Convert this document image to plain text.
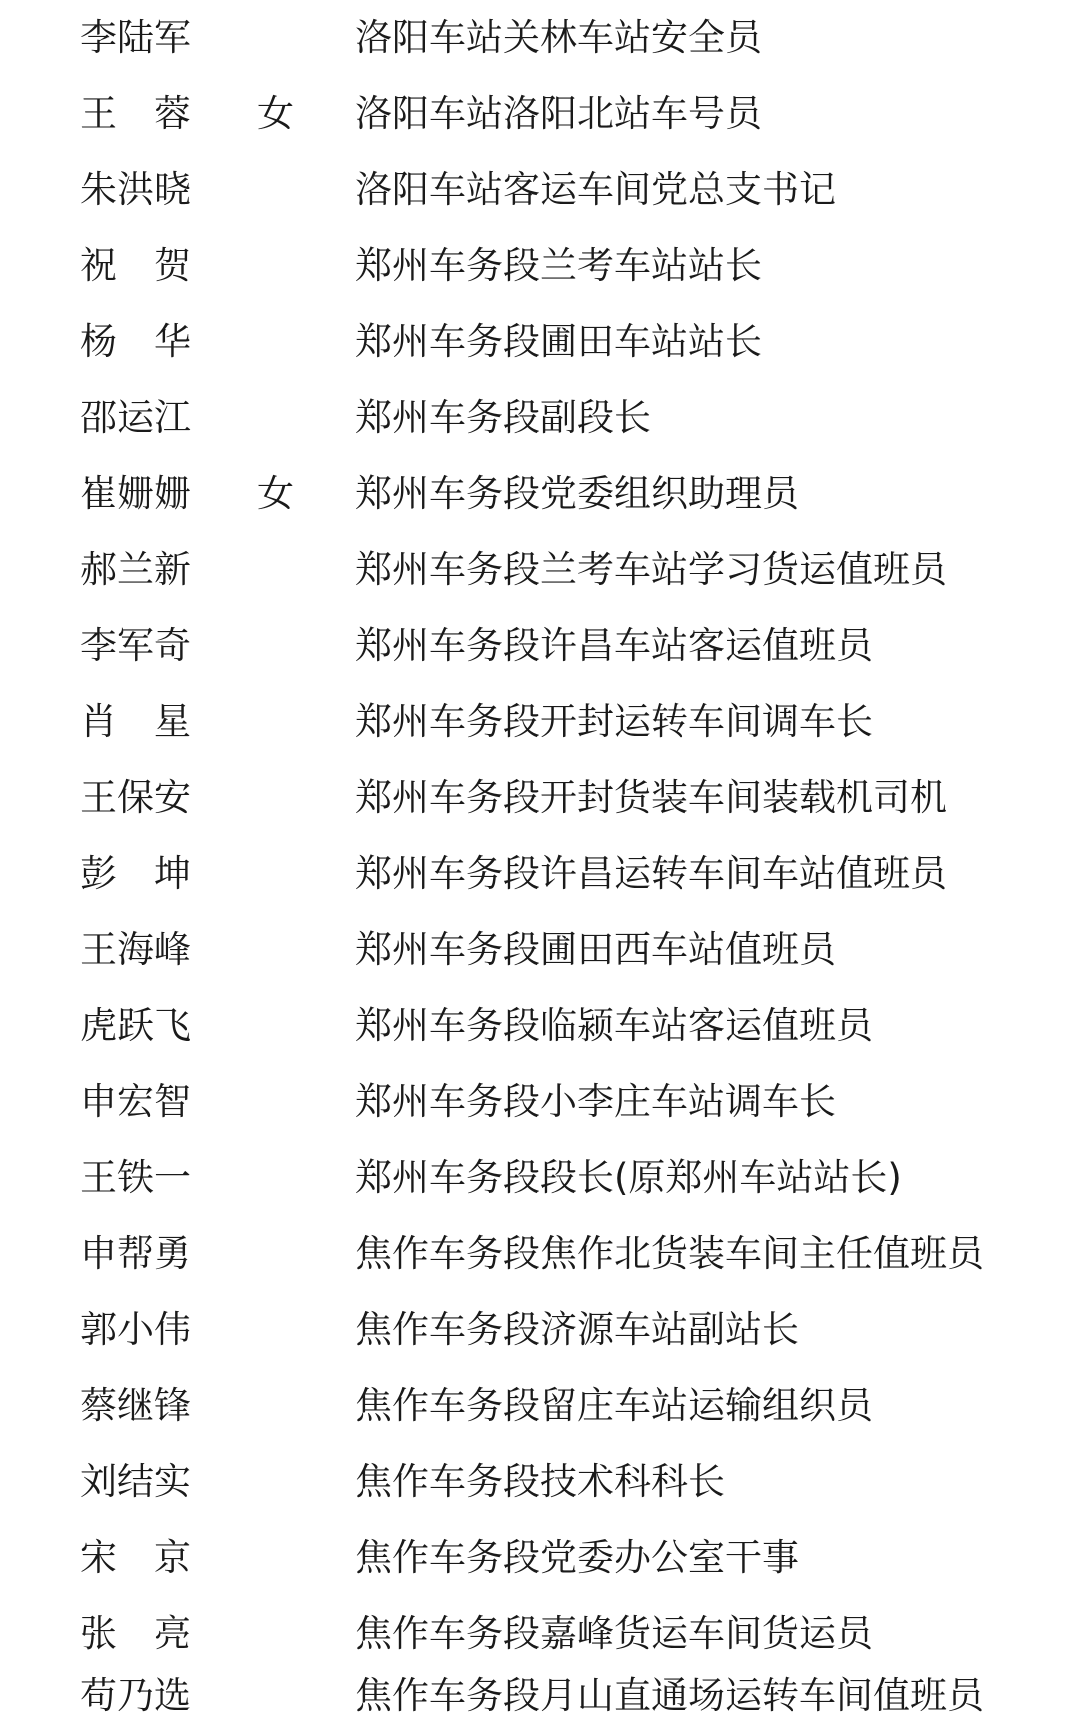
李陆军	洛阳车站关林车站安全员
王　蓉 女 洛阳车站洛阳北站车号员
朱洪晓	洛阳车站客运车间党总支书记
祝　贺	郑州车务段兰考车站站长
杨　华	郑州车务段圃田车站站长
邵运江	郑州车务段副段长
崔姗姗 女 郑州车务段党委组织助理员
郝兰新	郑州车务段兰考车站学习货运值班员
李军奇	郑州车务段许昌车站客运值班员
肖　星	郑州车务段开封运转车间调车长
王保安	郑州车务段开封货装车间装载机司机
彭　坤	郑州车务段许昌运转车间车站值班员
王海峰	郑州车务段圃田西车站值班员
虎跃飞	郑州车务段临颍车站客运值班员
申宏智	郑州车务段小李庄车站调车长
王铁一	郑州车务段段长(原郑州车站站长)
申帮勇	焦作车务段焦作北货装车间主任值班员
郭小伟	焦作车务段济源车站副站长
蔡继锋	焦作车务段留庄车站运输组织员
刘结实	焦作车务段技术科科长
宋　京	焦作车务段党委办公室干事
张　亮	焦作车务段嘉峰货运车间货运员
苟乃选	焦作车务段月山直通场运转车间值班员
